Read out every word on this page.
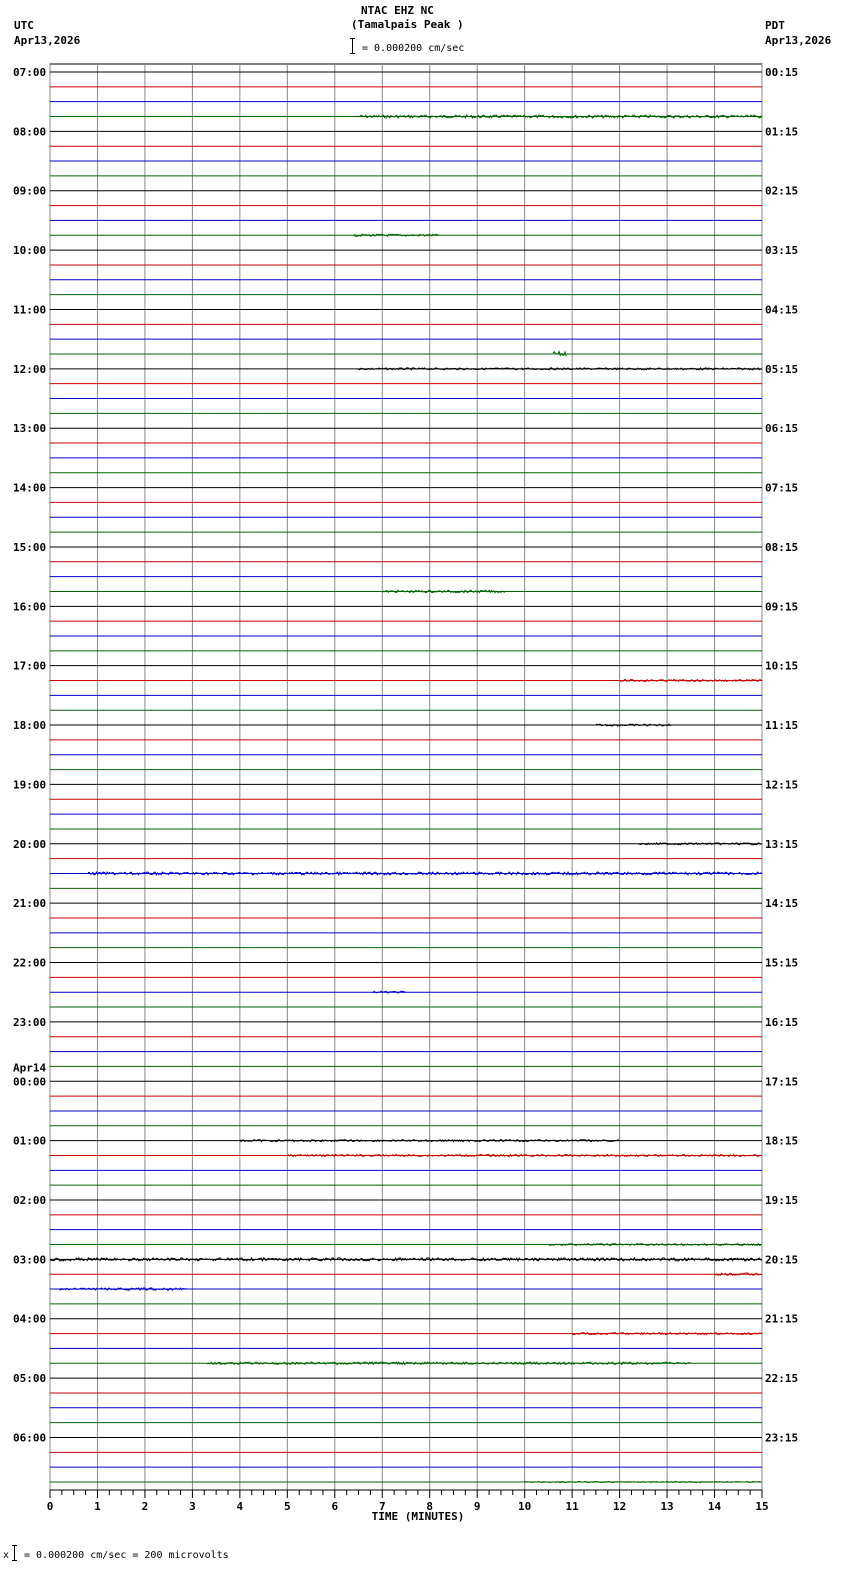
NTAC EHZ NC
(Tamalpais Peak )
= 0.000200 cm/sec
UTC
Apr13,2026
PDT
Apr13,2026
07:00
08:00
09:00
10:00
11:00
12:00
13:00
14:00
15:00
16:00
17:00
18:00
19:00
20:00
21:00
22:00
23:00
00:00
Apr14
01:00
02:00
03:00
04:00
05:00
06:00
00:15
01:15
02:15
03:15
04:15
05:15
06:15
07:15
08:15
09:15
10:15
11:15
12:15
13:15
14:15
15:15
16:15
17:15
18:15
19:15
20:15
21:15
22:15
23:15
0	1	2	3	4	5	6	7	8	9	10	11	12	13	14	15
TIME (MINUTES)
x = 0.000200 cm/sec = 200 microvolts
